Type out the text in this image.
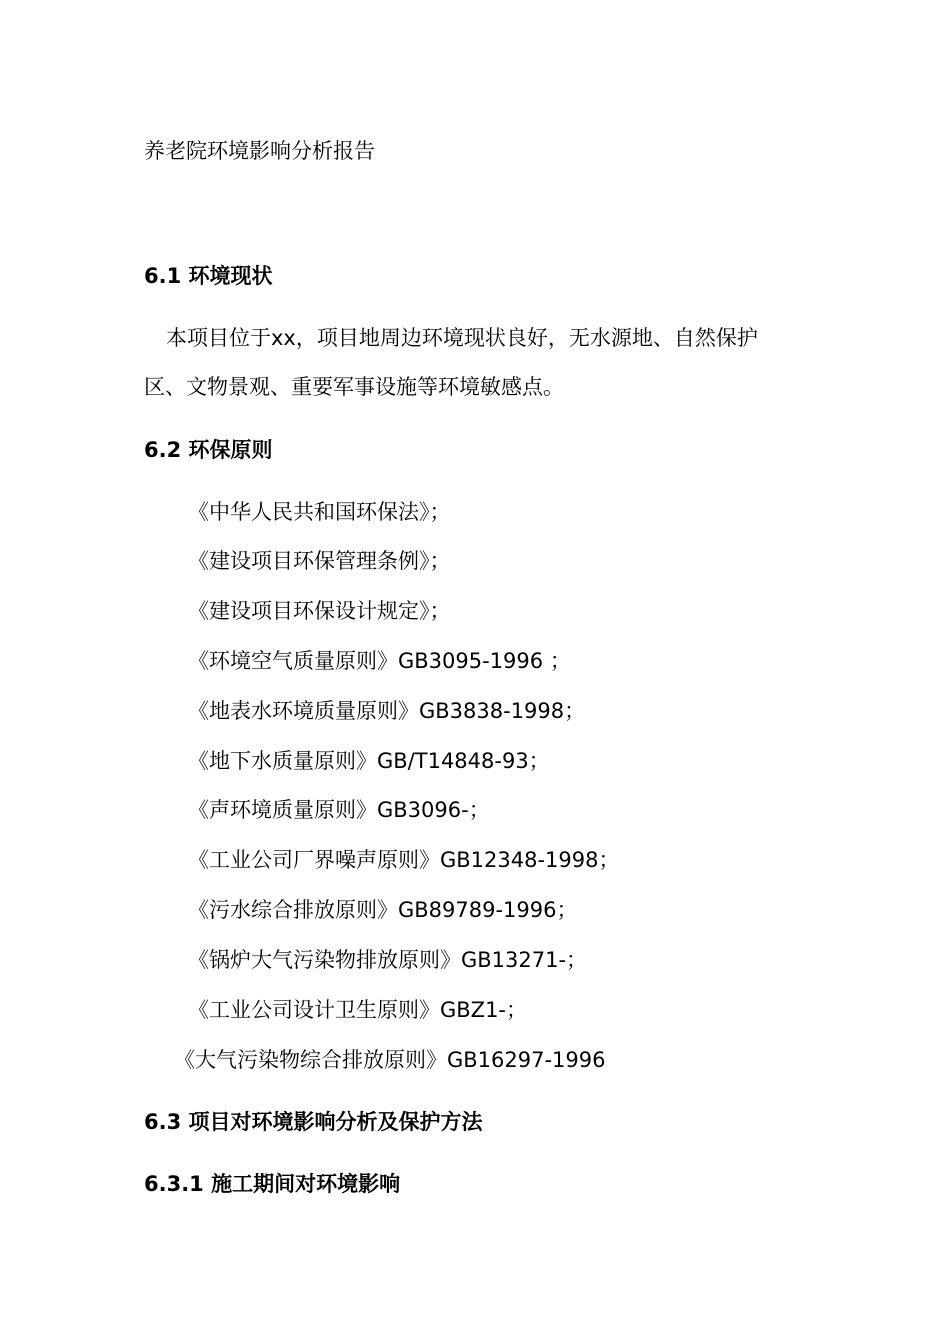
养老院环境影响分析报告
6.1 环境现状
本项目位于xx，项目地周边环境现状良好，无水源地、自然保护
区、文物景观、重要军事设施等环境敏感点。
6.2 环保原则
《中华人民共和国环保法》；
《建设项目环保管理条例》；
《建设项目环保设计规定》；
《环境空气质量原则》GB3095-1996 ；
《地表水环境质量原则》GB3838-1998；
《地下水质量原则》GB/T14848-93；
《声环境质量原则》GB3096-；
《工业公司厂界噪声原则》GB12348-1998；
《污水综合排放原则》GB89789-1996；
《锅炉大气污染物排放原则》GB13271-；
《工业公司设计卫生原则》GBZ1-；
《大气污染物综合排放原则》GB16297-1996
6.3 项目对环境影响分析及保护方法
6.3.1 施工期间对环境影响
